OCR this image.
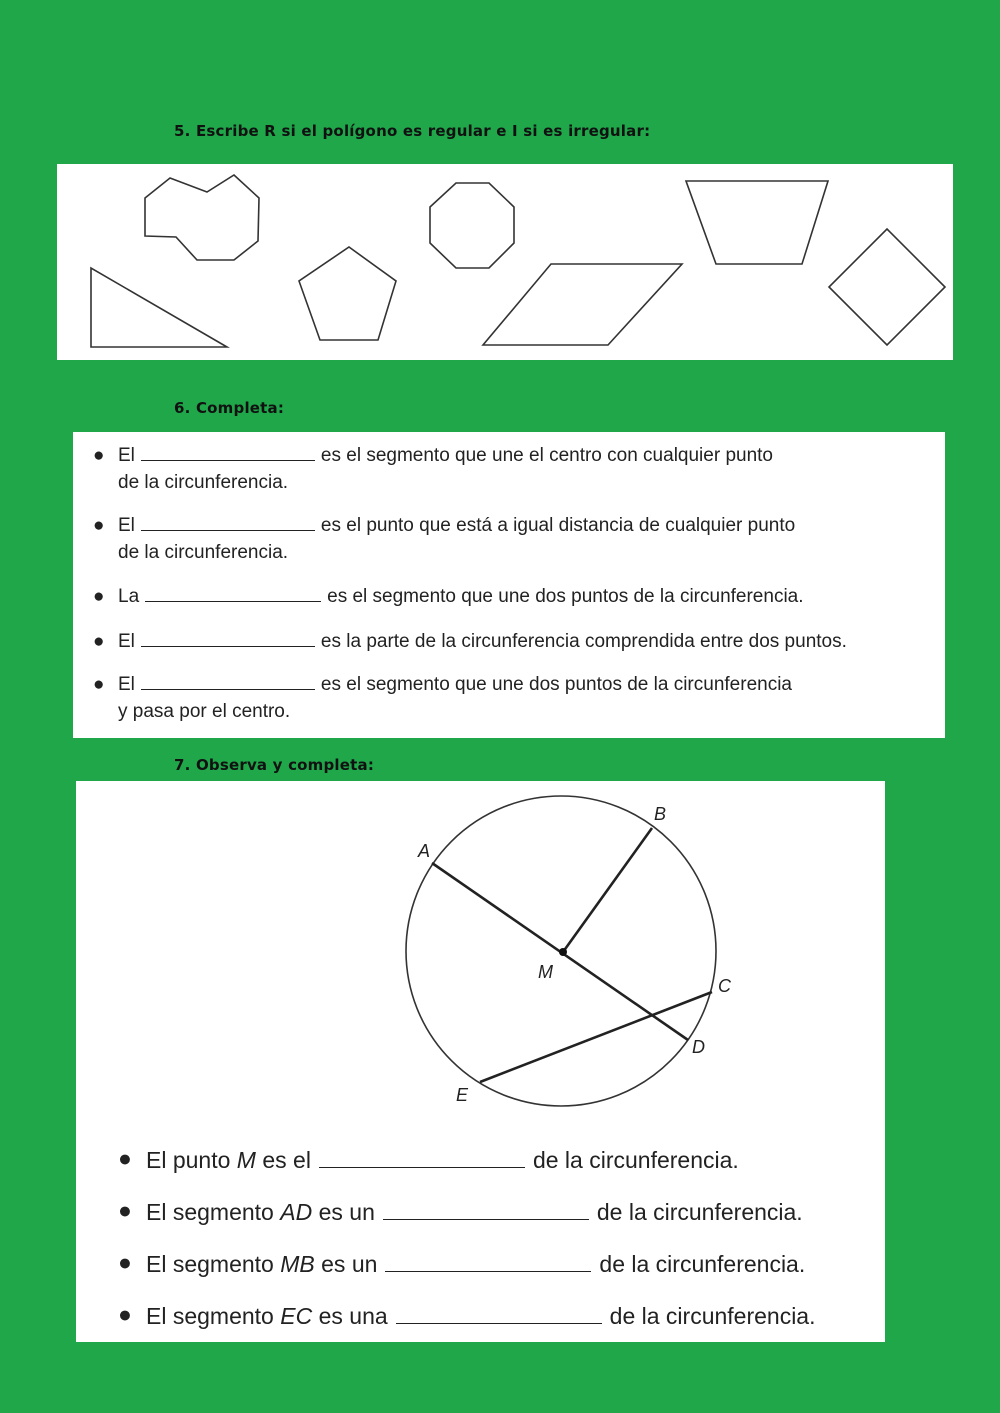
5. Escribe R si el polígono es regular e I si es irregular:

6. Completa:

● El	es el segmento que une el centro con cualquier punto
de la circunferencia.
● El	es el punto que está a igual distancia de cualquier punto
de la circunferencia.
● La	es el segmento que une dos puntos de la circunferencia.
● El	es la parte de la circunferencia comprendida entre dos puntos.
● El	es el segmento que une dos puntos de la circunferencia
y pasa por el centro.

7. Observa y completa:

A
B
C
D
E
M
● El punto M es el	de la circunferencia.
● El segmento AD es un	de la circunferencia.
● El segmento MB es un	de la circunferencia.
● El segmento EC es una	de la circunferencia.
